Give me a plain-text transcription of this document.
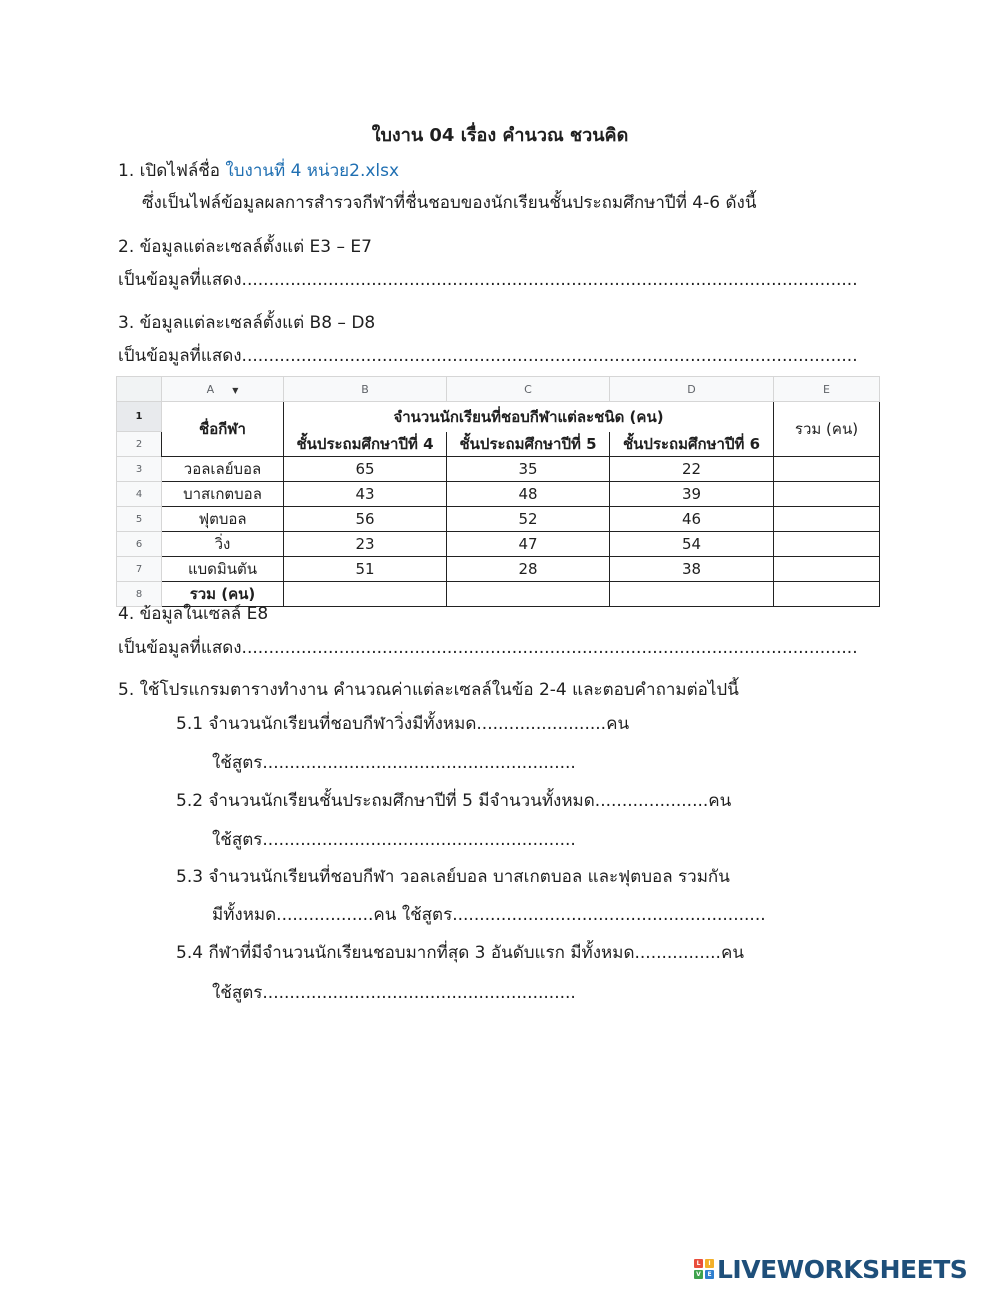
ใบงาน 04 เรื่อง คำนวณ ชวนคิด
1. เปิดไฟล์ชื่อ ใบงานที่ 4 หน่วย2.xlsx
ซึ่งเป็นไฟล์ข้อมูลผลการสำรวจกีฬาที่ชื่นชอบของนักเรียนชั้นประถมศึกษาปีที่ 4-6 ดังนี้
2. ข้อมูลแต่ละเซลล์ตั้งแต่ E3 – E7
เป็นข้อมูลที่แสดง..................................................................................................................
3. ข้อมูลแต่ละเซลล์ตั้งแต่ B8 – D8
เป็นข้อมูลที่แสดง..................................................................................................................
	A ▼	B	C	D	E
1	ชื่อกีฬา	จำนวนนักเรียนที่ชอบกีฬาแต่ละชนิด (คน)			รวม (คน)
2		ชั้นประถมศึกษาปีที่ 4	ชั้นประถมศึกษาปีที่ 5	ชั้นประถมศึกษาปีที่ 6	
3	วอลเลย์บอล	65	35	22	
4	บาสเกตบอล	43	48	39	
5	ฟุตบอล	56	52	46	
6	วิ่ง	23	47	54	
7	แบดมินตัน	51	28	38	
8	รวม (คน)				
4. ข้อมูลในเซลล์ E8
เป็นข้อมูลที่แสดง..................................................................................................................
5. ใช้โปรแกรมตารางทำงาน คำนวณค่าแต่ละเซลล์ในข้อ 2-4 และตอบคำถามต่อไปนี้
5.1 จำนวนนักเรียนที่ชอบกีฬาวิ่งมีทั้งหมด........................คน
ใช้สูตร..........................................................
5.2 จำนวนนักเรียนชั้นประถมศึกษาปีที่ 5 มีจำนวนทั้งหมด.....................คน
ใช้สูตร..........................................................
5.3 จำนวนนักเรียนที่ชอบกีฬา วอลเลย์บอล บาสเกตบอล และฟุตบอล รวมกัน
มีทั้งหมด..................คน ใช้สูตร..........................................................
5.4 กีฬาที่มีจำนวนนักเรียนชอบมากที่สุด 3 อันดับแรก มีทั้งหมด................คน
ใช้สูตร..........................................................
L	I
V	E LIVEWORKSHEETS
